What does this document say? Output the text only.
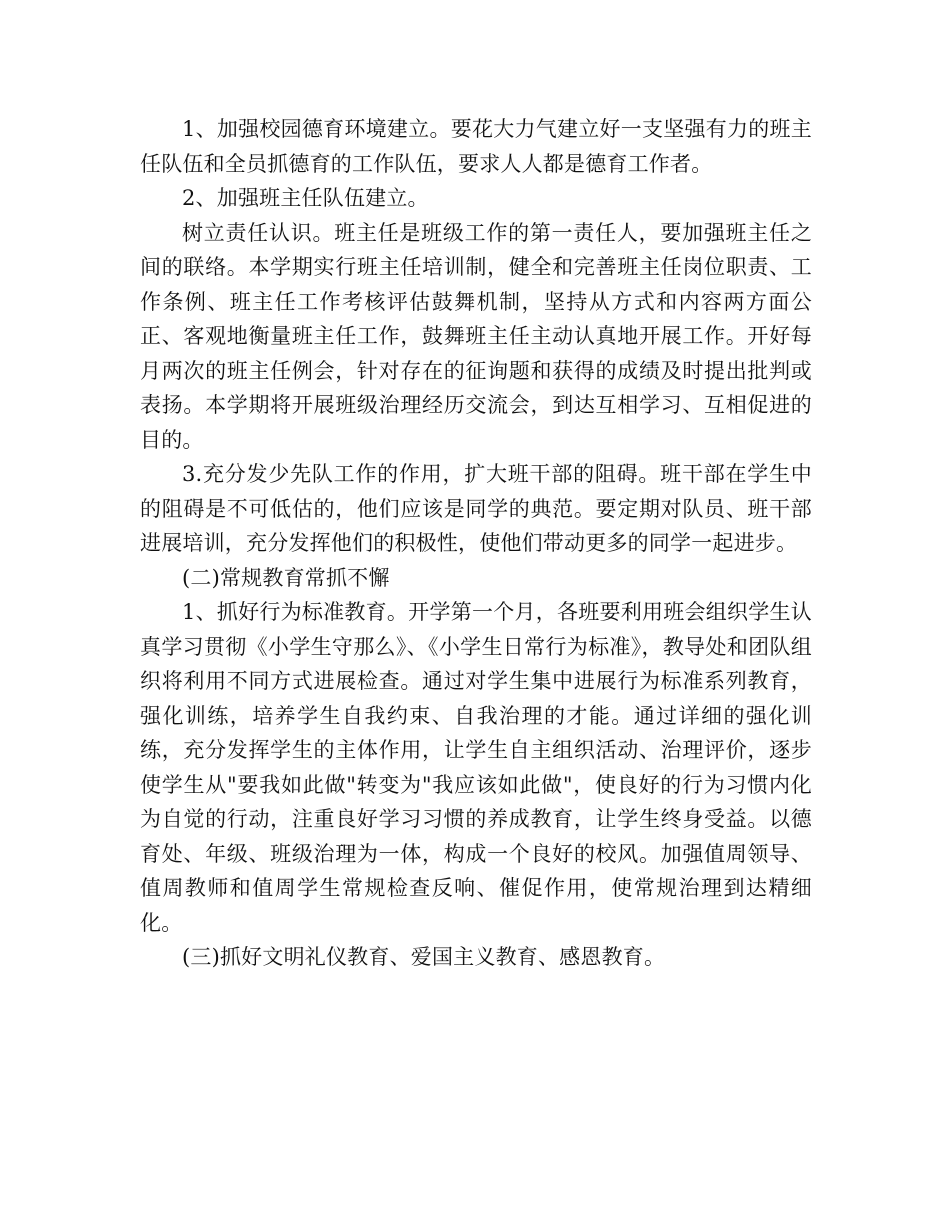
1、加强校园德育环境建立。要花大力气建立好一支坚强有力的班主任队伍和全员抓德育的工作队伍，要求人人都是德育工作者。

2、加强班主任队伍建立。

树立责任认识。班主任是班级工作的第一责任人，要加强班主任之间的联络。本学期实行班主任培训制，健全和完善班主任岗位职责、工作条例、班主任工作考核评估鼓舞机制，坚持从方式和内容两方面公正、客观地衡量班主任工作，鼓舞班主任主动认真地开展工作。开好每月两次的班主任例会，针对存在的征询题和获得的成绩及时提出批判或表扬。本学期将开展班级治理经历交流会，到达互相学习、互相促进的目的。

3.充分发少先队工作的作用，扩大班干部的阻碍。班干部在学生中的阻碍是不可低估的，他们应该是同学的典范。要定期对队员、班干部进展培训，充分发挥他们的积极性，使他们带动更多的同学一起进步。

(二)常规教育常抓不懈

1、抓好行为标准教育。开学第一个月，各班要利用班会组织学生认真学习贯彻《小学生守那么》、《小学生日常行为标准》，教导处和团队组织将利用不同方式进展检查。通过对学生集中进展行为标准系列教育，强化训练，培养学生自我约束、自我治理的才能。通过详细的强化训练，充分发挥学生的主体作用，让学生自主组织活动、治理评价，逐步使学生从"要我如此做"转变为"我应该如此做"，使良好的行为习惯内化为自觉的行动，注重良好学习习惯的养成教育，让学生终身受益。以德育处、年级、班级治理为一体，构成一个良好的校风。加强值周领导、值周教师和值周学生常规检查反响、催促作用，使常规治理到达精细化。

(三)抓好文明礼仪教育、爱国主义教育、感恩教育。
